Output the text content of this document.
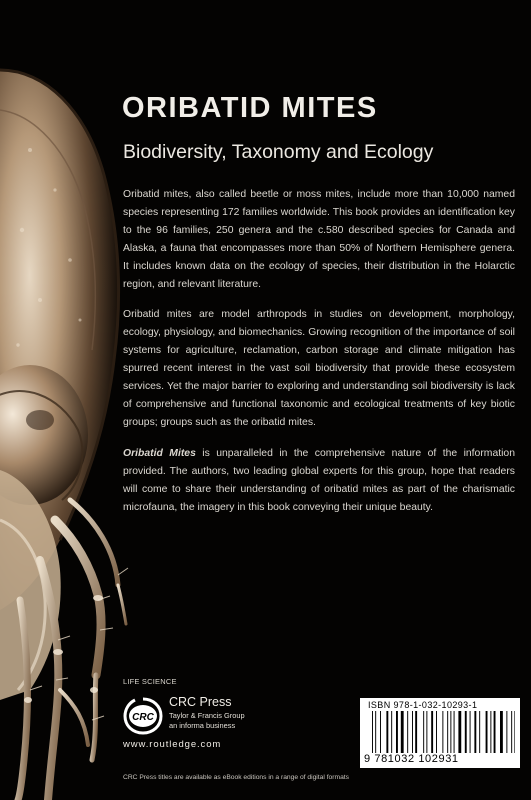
ORIBATID MITES
Biodiversity, Taxonomy and Ecology

Oribatid mites, also called beetle or moss mites, include more than 10,000 named species representing 172 families worldwide. This book provides an identification key to the 96 families, 250 genera and the c.580 described species for Canada and Alaska, a fauna that encompasses more than 50% of Northern Hemisphere genera. It includes known data on the ecology of species, their distribution in the Holarctic region, and relevant literature.

Oribatid mites are model arthropods in studies on development, morphology, ecology, physiology, and biomechanics. Growing recognition of the importance of soil systems for agriculture, reclamation, carbon storage and climate mitigation has spurred recent interest in the vast soil biodiversity that provide these ecosystem services. Yet the major barrier to exploring and understanding soil biodiversity is lack of comprehensive and functional taxonomic and ecological treatments of key biotic groups; groups such as the oribatid mites.

Oribatid Mites is unparalleled in the comprehensive nature of the information provided. The authors, two leading global experts for this group, hope that readers will come to share their understanding of oribatid mites as part of the charismatic microfauna, the imagery in this book conveying their unique beauty.

LIFE SCIENCE
CRC
CRC Press
Taylor & Francis Group
an informa business
www.routledge.com
CRC Press titles are available as eBook editions in a range of digital formats
ISBN 978-1-032-10293-1
9 781032 102931
